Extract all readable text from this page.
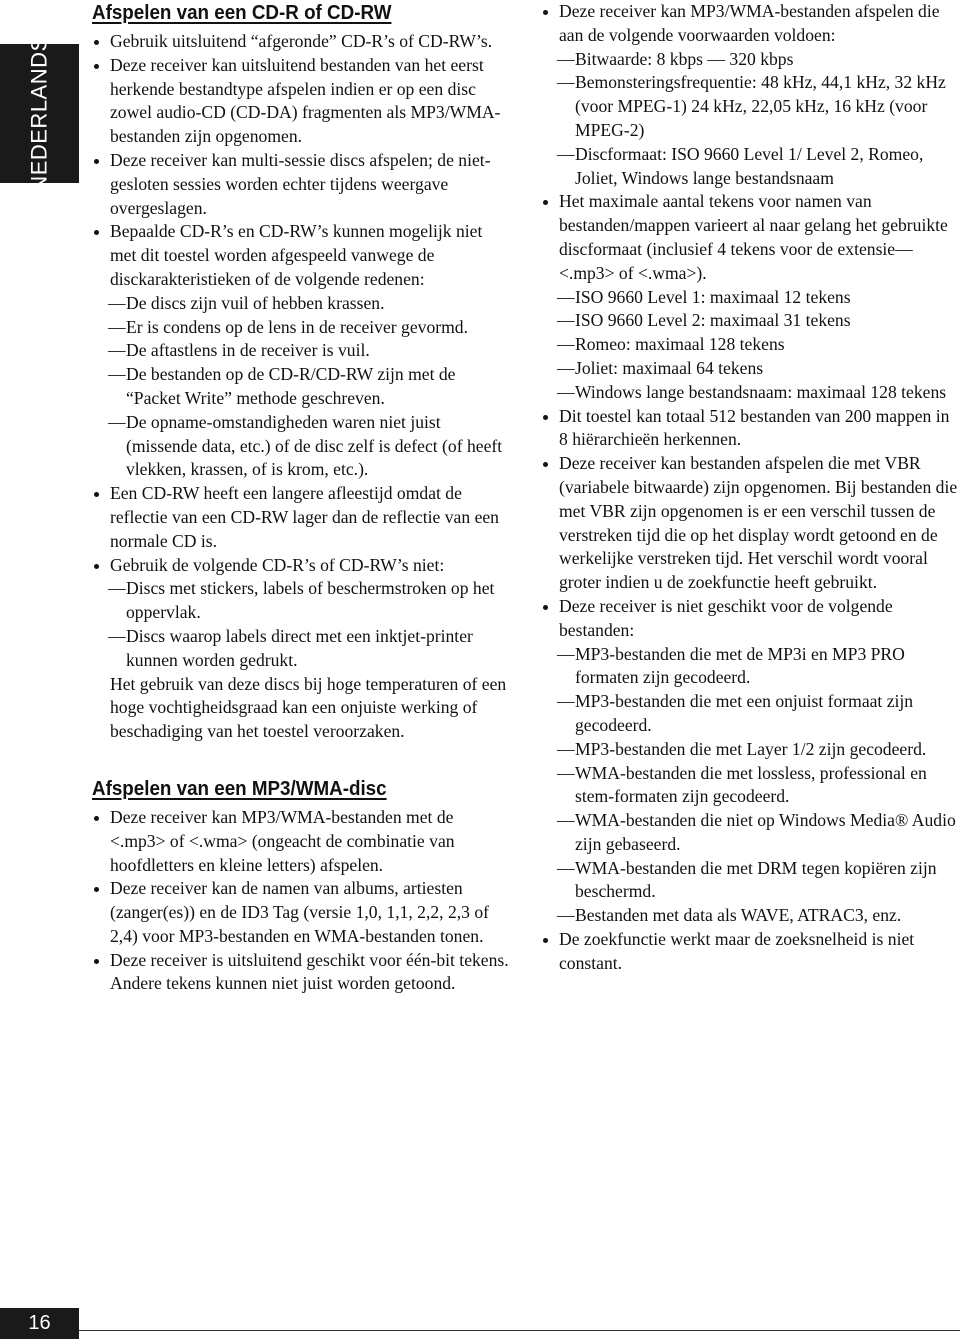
NEDERLANDS
Afspelen van een CD-R of CD-RW
Gebruik uitsluitend “afgeronde” CD-R’s of CD-RW’s.
Deze receiver kan uitsluitend bestanden van het eerst herkende bestandtype afspelen indien er op een disc zowel audio-CD (CD-DA) fragmenten als MP3/WMA-bestanden zijn opgenomen.
Deze receiver kan multi-sessie discs afspelen; de niet-gesloten sessies worden echter tijdens weergave overgeslagen.
Bepaalde CD-R’s en CD-RW’s kunnen mogelijk niet met dit toestel worden afgespeeld vanwege de disckarakteristieken of de volgende redenen:
— De discs zijn vuil of hebben krassen.
— Er is condens op de lens in de receiver gevormd.
— De aftastlens in de receiver is vuil.
— De bestanden op de CD-R/CD-RW zijn met de “Packet Write” methode geschreven.
— De opname-omstandigheden waren niet juist (missende data, etc.) of de disc zelf is defect (of heeft vlekken, krassen, of is krom, etc.).
Een CD-RW heeft een langere afleestijd omdat de reflectie van een CD-RW lager dan de reflectie van een normale CD is.
Gebruik de volgende CD-R’s of CD-RW’s niet:
— Discs met stickers, labels of beschermstroken op het oppervlak.
— Discs waarop labels direct met een inktjet-printer kunnen worden gedrukt.
Het gebruik van deze discs bij hoge temperaturen of een hoge vochtigheidsgraad kan een onjuiste werking of beschadiging van het toestel veroorzaken.
Afspelen van een MP3/WMA-disc
Deze receiver kan MP3/WMA-bestanden met de <.mp3> of <.wma> (ongeacht de combinatie van hoofdletters en kleine letters) afspelen.
Deze receiver kan de namen van albums, artiesten (zanger(es)) en de ID3 Tag (versie 1,0, 1,1, 2,2, 2,3 of 2,4) voor MP3-bestanden en WMA-bestanden tonen.
Deze receiver is uitsluitend geschikt voor één-bit tekens. Andere tekens kunnen niet juist worden getoond.
Deze receiver kan MP3/WMA-bestanden afspelen die aan de volgende voorwaarden voldoen:
— Bitwaarde: 8 kbps — 320 kbps
— Bemonsteringsfrequentie: 48 kHz, 44,1 kHz, 32 kHz (voor MPEG-1) 24 kHz, 22,05 kHz, 16 kHz (voor MPEG-2)
— Discformaat: ISO 9660 Level 1/ Level 2, Romeo, Joliet, Windows lange bestandsnaam
Het maximale aantal tekens voor namen van bestanden/mappen varieert al naar gelang het gebruikte discformaat (inclusief 4 tekens voor de extensie—<.mp3> of <.wma>).
— ISO 9660 Level 1: maximaal 12 tekens
— ISO 9660 Level 2: maximaal 31 tekens
— Romeo: maximaal 128 tekens
— Joliet: maximaal 64 tekens
— Windows lange bestandsnaam: maximaal 128 tekens
Dit toestel kan totaal 512 bestanden van 200 mappen in 8 hiërarchieën herkennen.
Deze receiver kan bestanden afspelen die met VBR (variabele bitwaarde) zijn opgenomen. Bij bestanden die met VBR zijn opgenomen is er een verschil tussen de verstreken tijd die op het display wordt getoond en de werkelijke verstreken tijd. Het verschil wordt vooral groter indien u de zoekfunctie heeft gebruikt.
Deze receiver is niet geschikt voor de volgende bestanden:
— MP3-bestanden die met de MP3i en MP3 PRO formaten zijn gecodeerd.
— MP3-bestanden die met een onjuist formaat zijn gecodeerd.
— MP3-bestanden die met Layer 1/2 zijn gecodeerd.
— WMA-bestanden die met lossless, professional en stem-formaten zijn gecodeerd.
— WMA-bestanden die niet op Windows Media® Audio zijn gebaseerd.
— WMA-bestanden die met DRM tegen kopiëren zijn beschermd.
— Bestanden met data als WAVE, ATRAC3, enz.
De zoekfunctie werkt maar de zoeksnelheid is niet constant.
16
